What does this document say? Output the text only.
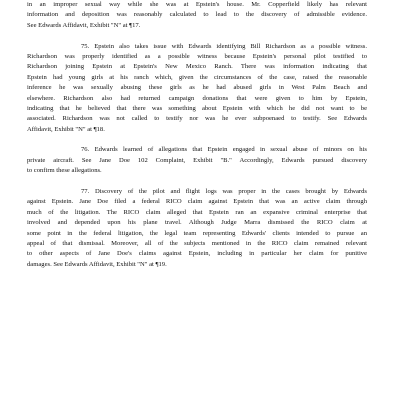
in an improper sexual way while she was at Epstein's house. Mr. Copperfield likely has relevant
information and deposition was reasonably calculated to lead to the discovery of admissible evidence.
See Edwards Affidavit, Exhibit "N" at ¶17.
75. Epstein also takes issue with Edwards identifying Bill Richardson as a possible witness.
Richardson was properly identified as a possible witness because Epstein's personal pilot testified to
Richardson joining Epstein at Epstein's New Mexico Ranch. There was information indicating that
Epstein had young girls at his ranch which, given the circumstances of the case, raised the reasonable
inference he was sexually abusing these girls as he had abused girls in West Palm Beach and
elsewhere. Richardson also had returned campaign donations that were given to him by Epstein,
indicating that he believed that there was something about Epstein with which he did not want to be
associated. Richardson was not called to testify nor was he ever subpoenaed to testify. See Edwards
Affidavit, Exhibit "N" at ¶18.
76. Edwards learned of allegations that Epstein engaged in sexual abuse of minors on his
private aircraft. See Jane Doe 102 Complaint, Exhibit "B." Accordingly, Edwards pursued discovery
to confirm these allegations.
77. Discovery of the pilot and flight logs was proper in the cases brought by Edwards
against Epstein. Jane Doe filed a federal RICO claim against Epstein that was an active claim through
much of the litigation. The RICO claim alleged that Epstein ran an expansive criminal enterprise that
involved and depended upon his plane travel. Although Judge Marra dismissed the RICO claim at
some point in the federal litigation, the legal team representing Edwards' clients intended to pursue an
appeal of that dismissal. Moreover, all of the subjects mentioned in the RICO claim remained relevant
to other aspects of Jane Doe's claims against Epstein, including in particular her claim for punitive
damages. See Edwards Affidavit, Exhibit "N" at ¶19.
